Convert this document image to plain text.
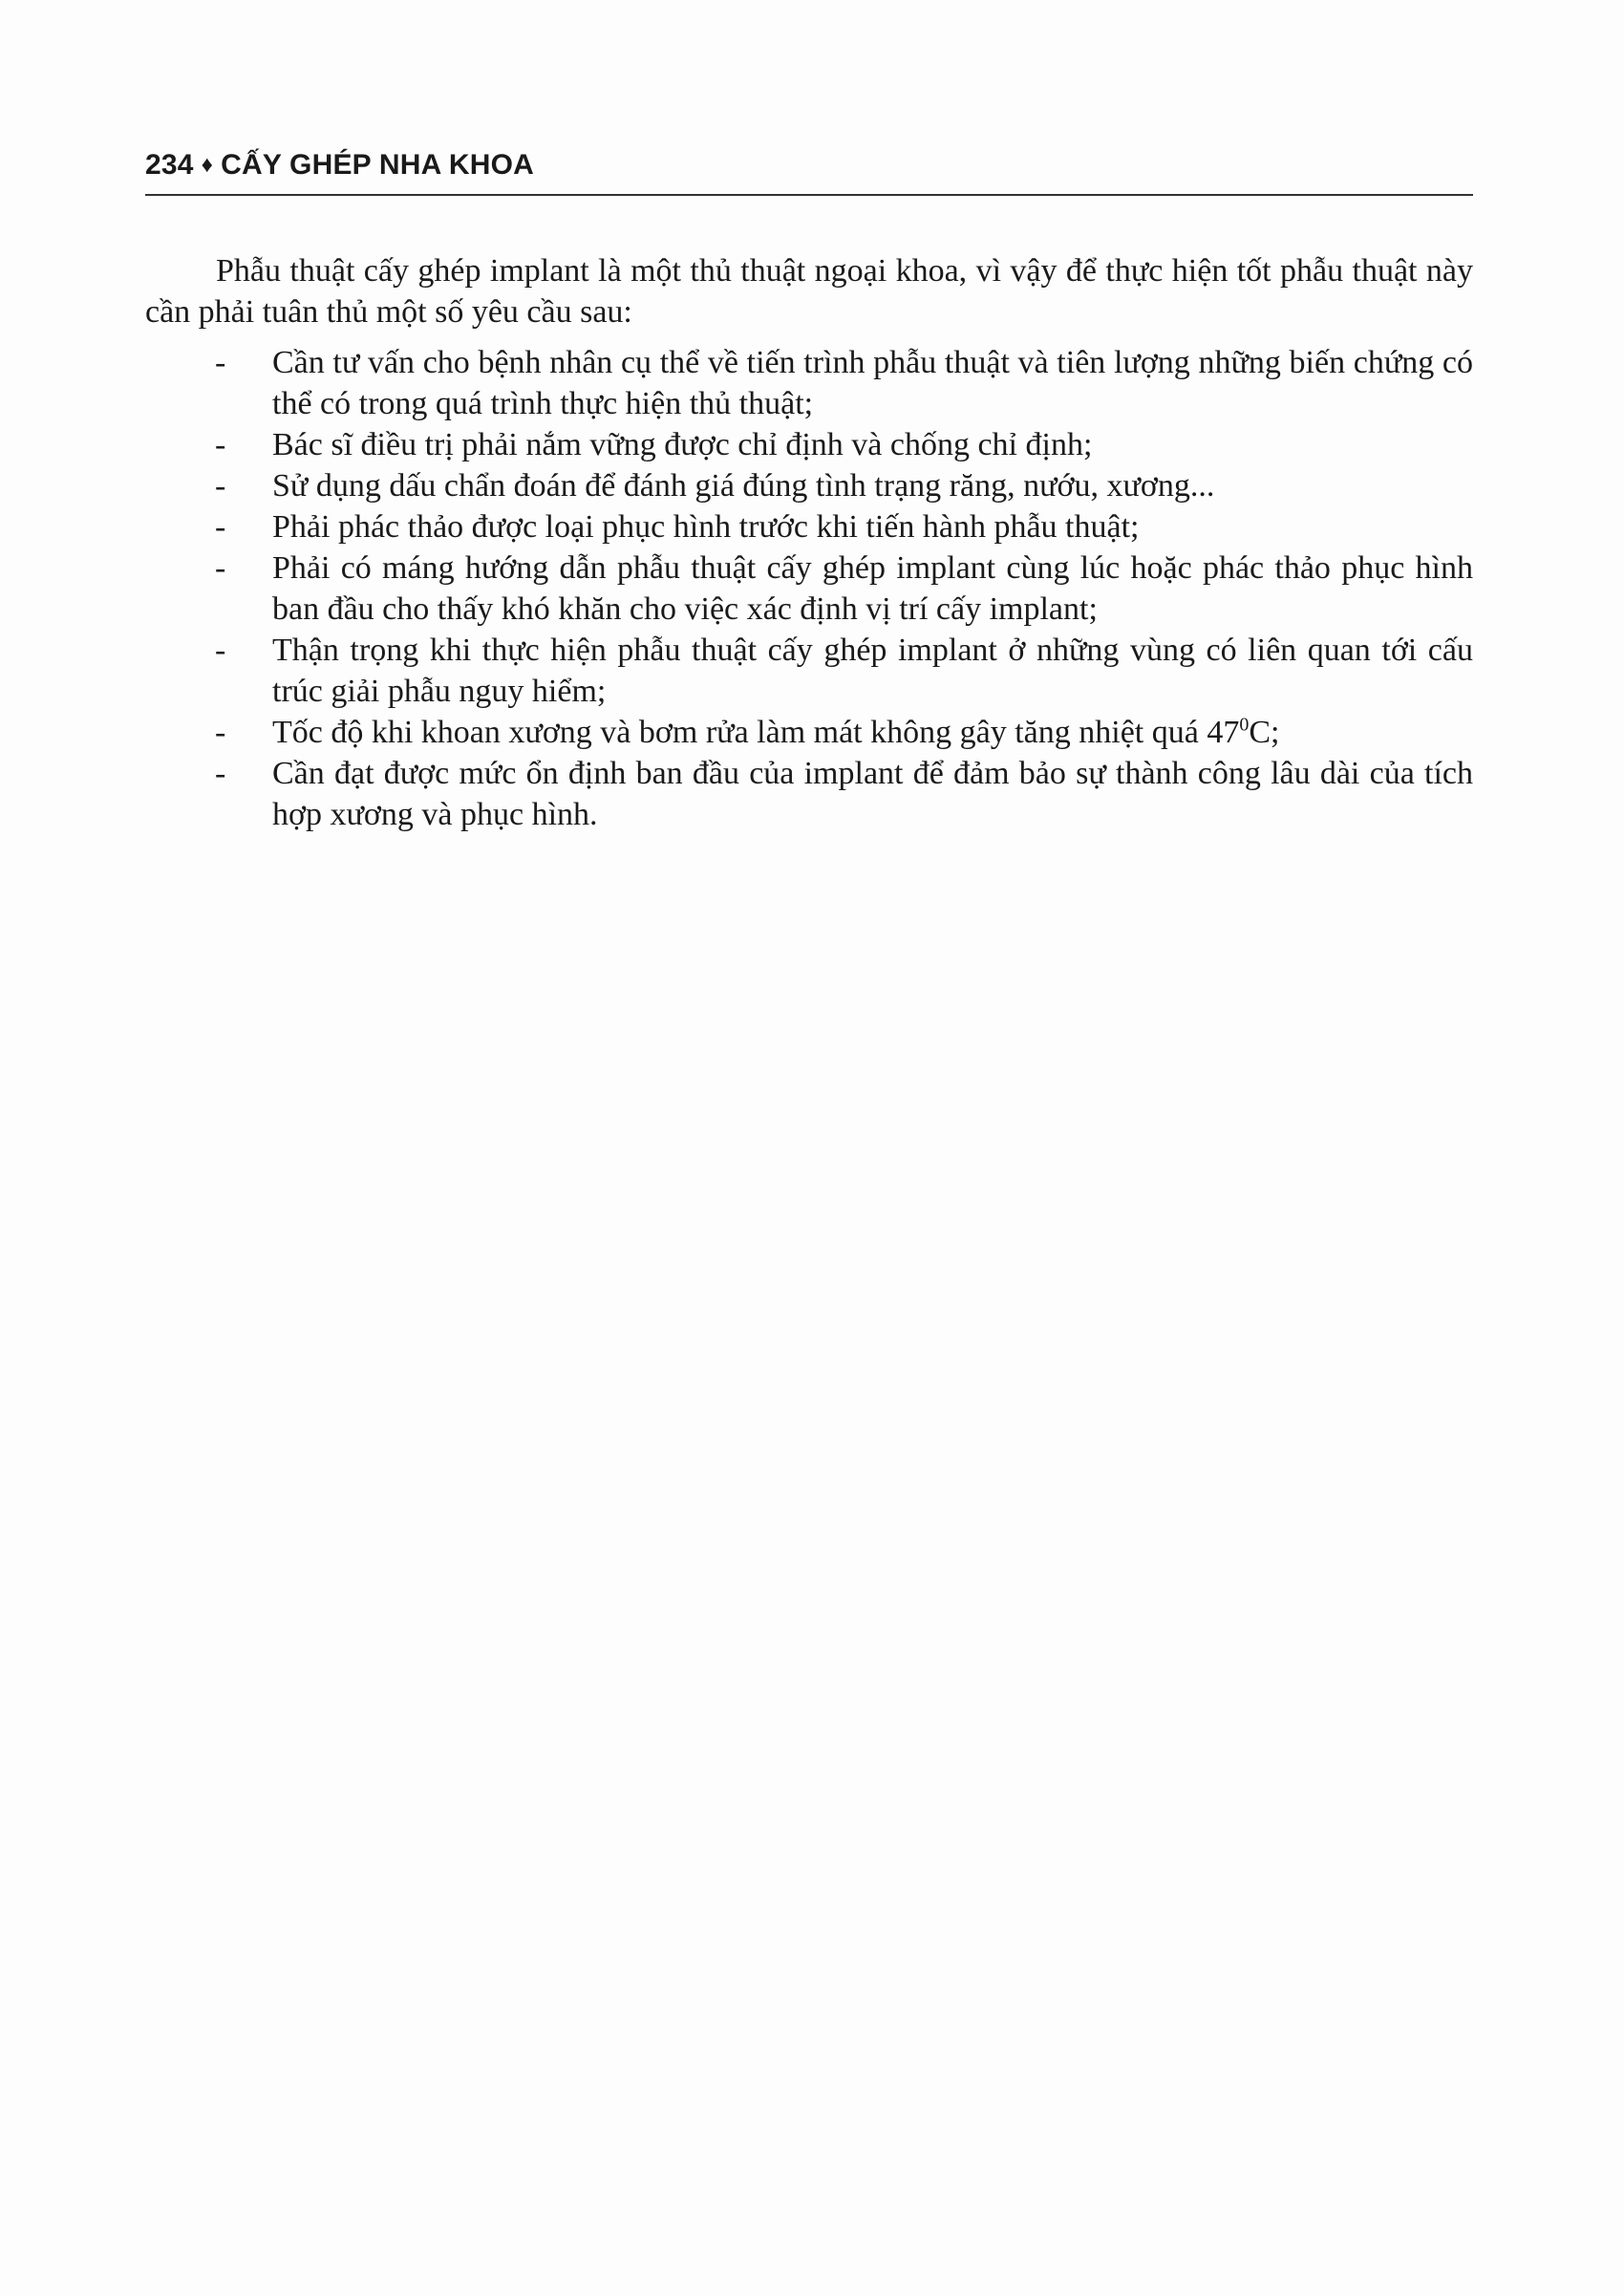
234 ♦ CẤY GHÉP NHA KHOA

Phẫu thuật cấy ghép implant là một thủ thuật ngoại khoa, vì vậy để thực hiện tốt phẫu thuật này cần phải tuân thủ một số yêu cầu sau:

- Cần tư vấn cho bệnh nhân cụ thể về tiến trình phẫu thuật và tiên lượng những biến chứng có thể có trong quá trình thực hiện thủ thuật;
- Bác sĩ điều trị phải nắm vững được chỉ định và chống chỉ định;
- Sử dụng dấu chẩn đoán để đánh giá đúng tình trạng răng, nướu, xương...
- Phải phác thảo được loại phục hình trước khi tiến hành phẫu thuật;
- Phải có máng hướng dẫn phẫu thuật cấy ghép implant cùng lúc hoặc phác thảo phục hình ban đầu cho thấy khó khăn cho việc xác định vị trí cấy implant;
- Thận trọng khi thực hiện phẫu thuật cấy ghép implant ở những vùng có liên quan tới cấu trúc giải phẫu nguy hiểm;
- Tốc độ khi khoan xương và bơm rửa làm mát không gây tăng nhiệt quá $47^0C$;
- Cần đạt được mức ổn định ban đầu của implant để đảm bảo sự thành công lâu dài của tích hợp xương và phục hình.
